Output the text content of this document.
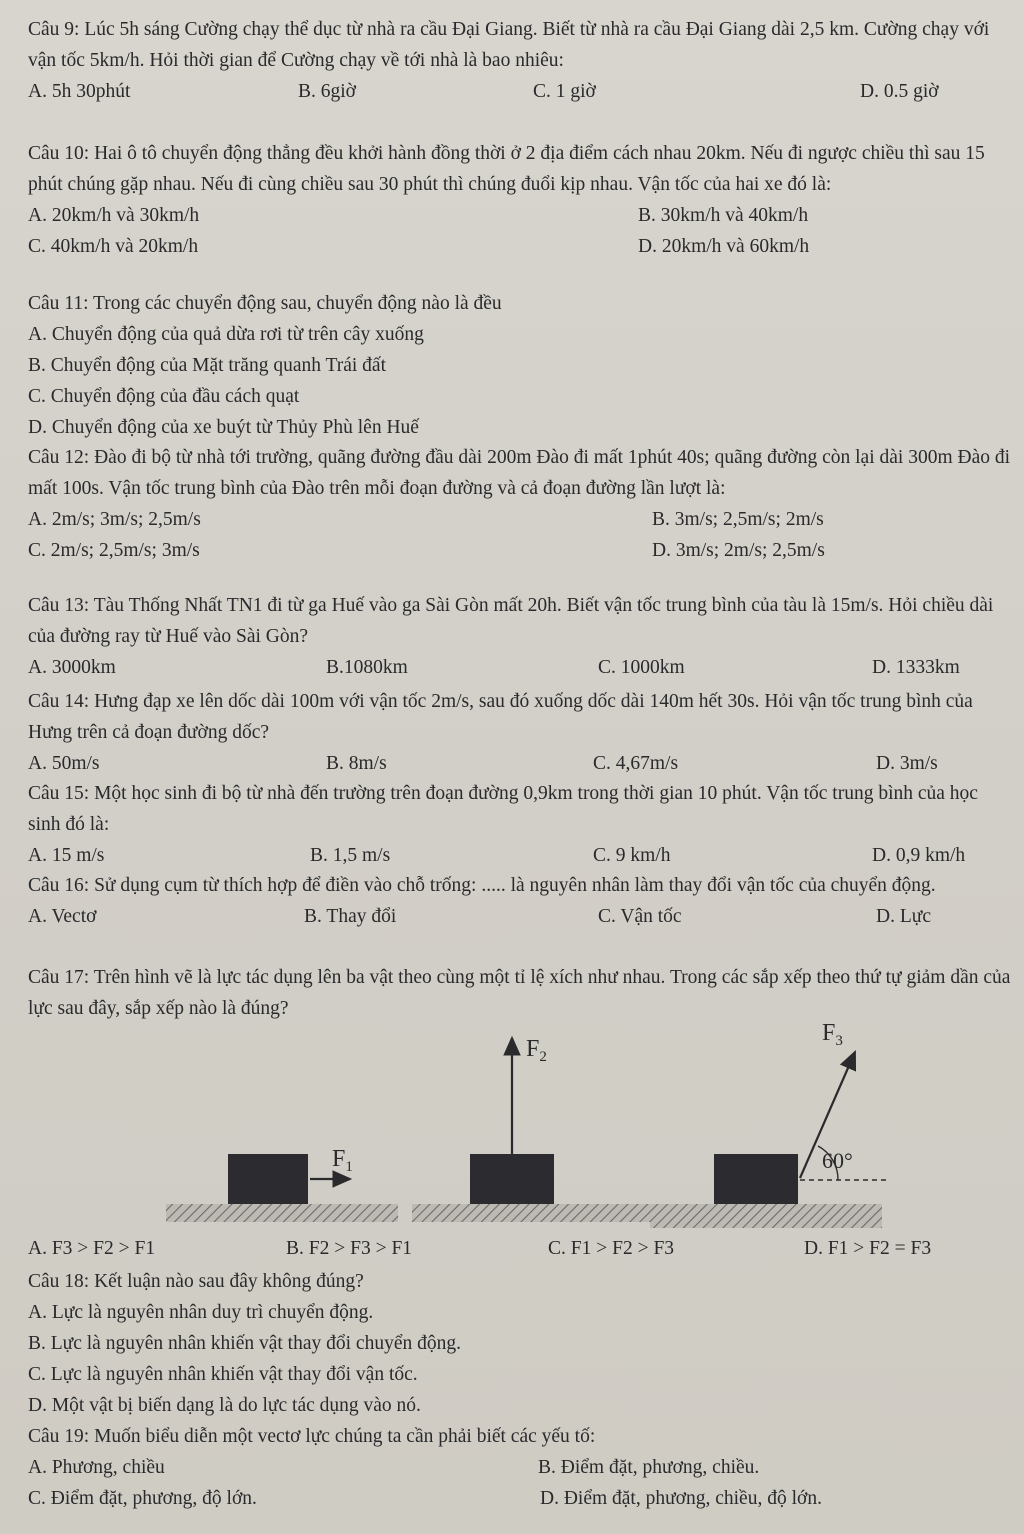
Câu 9: Lúc 5h sáng Cường chạy thể dục từ nhà ra cầu Đại Giang. Biết từ nhà ra cầu Đại Giang dài 2,5 km. Cường chạy với vận tốc 5km/h. Hỏi thời gian để Cường chạy về tới nhà là bao nhiêu:
A. 5h 30phút	B. 6giờ	C. 1 giờ	D. 0.5 giờ
Câu 10: Hai ô tô chuyển động thẳng đều khởi hành đồng thời ở 2 địa điểm cách nhau 20km. Nếu đi ngược chiều thì sau 15 phút chúng gặp nhau. Nếu đi cùng chiều sau 30 phút thì chúng đuổi kịp nhau. Vận tốc của hai xe đó là:
A. 20km/h và 30km/h	B. 30km/h và 40km/h
C. 40km/h và 20km/h	D. 20km/h và 60km/h
Câu 11: Trong các chuyển động sau, chuyển động nào là đều
A. Chuyển động của quả dừa rơi từ trên cây xuống
B. Chuyển động của Mặt trăng quanh Trái đất
C. Chuyển động của đầu cách quạt
D. Chuyển động của xe buýt từ Thủy Phù lên Huế
Câu 12: Đào đi bộ từ nhà tới trường, quãng đường đầu dài 200m Đào đi mất 1phút 40s; quãng đường còn lại dài 300m Đào đi mất 100s. Vận tốc trung bình của Đào trên mỗi đoạn đường và cả đoạn đường lần lượt là:
A. 2m/s; 3m/s; 2,5m/s	B. 3m/s; 2,5m/s; 2m/s
C. 2m/s; 2,5m/s; 3m/s	D. 3m/s; 2m/s; 2,5m/s
Câu 13: Tàu Thống Nhất TN1 đi từ ga Huế vào ga Sài Gòn mất 20h. Biết vận tốc trung bình của tàu là 15m/s. Hỏi chiều dài của đường ray từ Huế vào Sài Gòn?
A. 3000km	B.1080km	C. 1000km	D. 1333km
Câu 14: Hưng đạp xe lên dốc dài 100m với vận tốc 2m/s, sau đó xuống dốc dài 140m hết 30s. Hỏi vận tốc trung bình của Hưng trên cả đoạn đường dốc?
A. 50m/s	B. 8m/s	C. 4,67m/s	D. 3m/s
Câu 15: Một học sinh đi bộ từ nhà đến trường trên đoạn đường 0,9km trong thời gian 10 phút. Vận tốc trung bình của học sinh đó là:
A. 15 m/s	B. 1,5 m/s	C. 9 km/h	D. 0,9 km/h
Câu 16: Sử dụng cụm từ thích hợp để điền vào chỗ trống: ..... là nguyên nhân làm thay đổi vận tốc của chuyển động.
A. Vectơ	B. Thay đổi	C. Vận tốc	D. Lực
Câu 17: Trên hình vẽ là lực tác dụng lên ba vật theo cùng một tỉ lệ xích như nhau. Trong các sắp xếp theo thứ tự giảm dần của lực sau đây, sắp xếp nào là đúng?
$F_1$
$F_2$
$F_3$
60°
A. F3 > F2 > F1	B. F2 > F3 > F1	C. F1 > F2 > F3	D. F1 > F2 = F3
Câu 18: Kết luận nào sau đây không đúng?
A. Lực là nguyên nhân duy trì chuyển động.
B. Lực là nguyên nhân khiến vật thay đổi chuyển động.
C. Lực là nguyên nhân khiến vật thay đổi vận tốc.
D. Một vật bị biến dạng là do lực tác dụng vào nó.
Câu 19: Muốn biểu diễn một vectơ lực chúng ta cần phải biết các yếu tố:
A. Phương, chiều	B. Điểm đặt, phương, chiều.
C. Điểm đặt, phương, độ lớn.	D. Điểm đặt, phương, chiều, độ lớn.
